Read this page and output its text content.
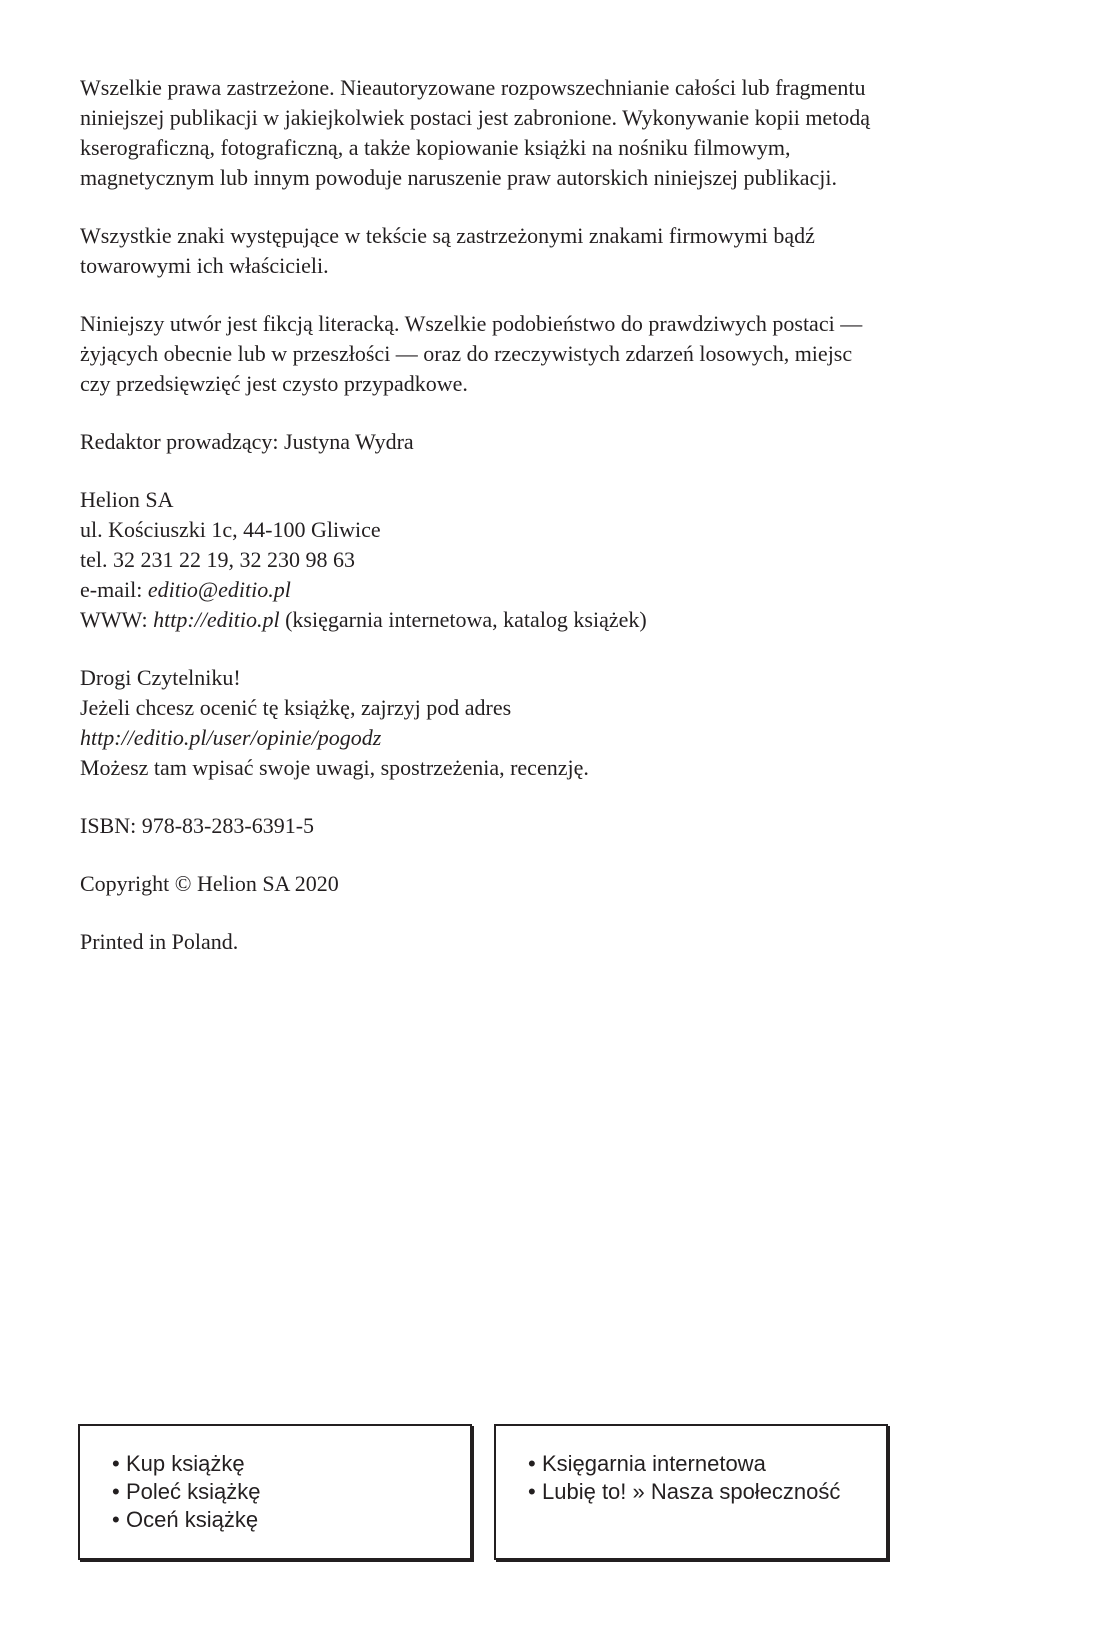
Wszelkie prawa zastrzeżone. Nieautoryzowane rozpowszechnianie całości lub fragmentu
niniejszej publikacji w jakiejkolwiek postaci jest zabronione. Wykonywanie kopii metodą
kserograficzną, fotograficzną, a także kopiowanie książki na nośniku filmowym,
magnetycznym lub innym powoduje naruszenie praw autorskich niniejszej publikacji.

Wszystkie znaki występujące w tekście są zastrzeżonymi znakami firmowymi bądź
towarowymi ich właścicieli.

Niniejszy utwór jest fikcją literacką. Wszelkie podobieństwo do prawdziwych postaci —
żyjących obecnie lub w przeszłości — oraz do rzeczywistych zdarzeń losowych, miejsc
czy przedsięwzięć jest czysto przypadkowe.

Redaktor prowadzący: Justyna Wydra

Helion SA
ul. Kościuszki 1c, 44-100 Gliwice
tel. 32 231 22 19, 32 230 98 63
e-mail: editio@editio.pl
WWW: http://editio.pl (księgarnia internetowa, katalog książek)

Drogi Czytelniku!
Jeżeli chcesz ocenić tę książkę, zajrzyj pod adres
http://editio.pl/user/opinie/pogodz
Możesz tam wpisać swoje uwagi, spostrzeżenia, recenzję.

ISBN: 978-83-283-6391-5

Copyright © Helion SA 2020

Printed in Poland.

• Kup książkę
• Poleć książkę
• Oceń książkę
• Księgarnia internetowa
• Lubię to! » Nasza społeczność
